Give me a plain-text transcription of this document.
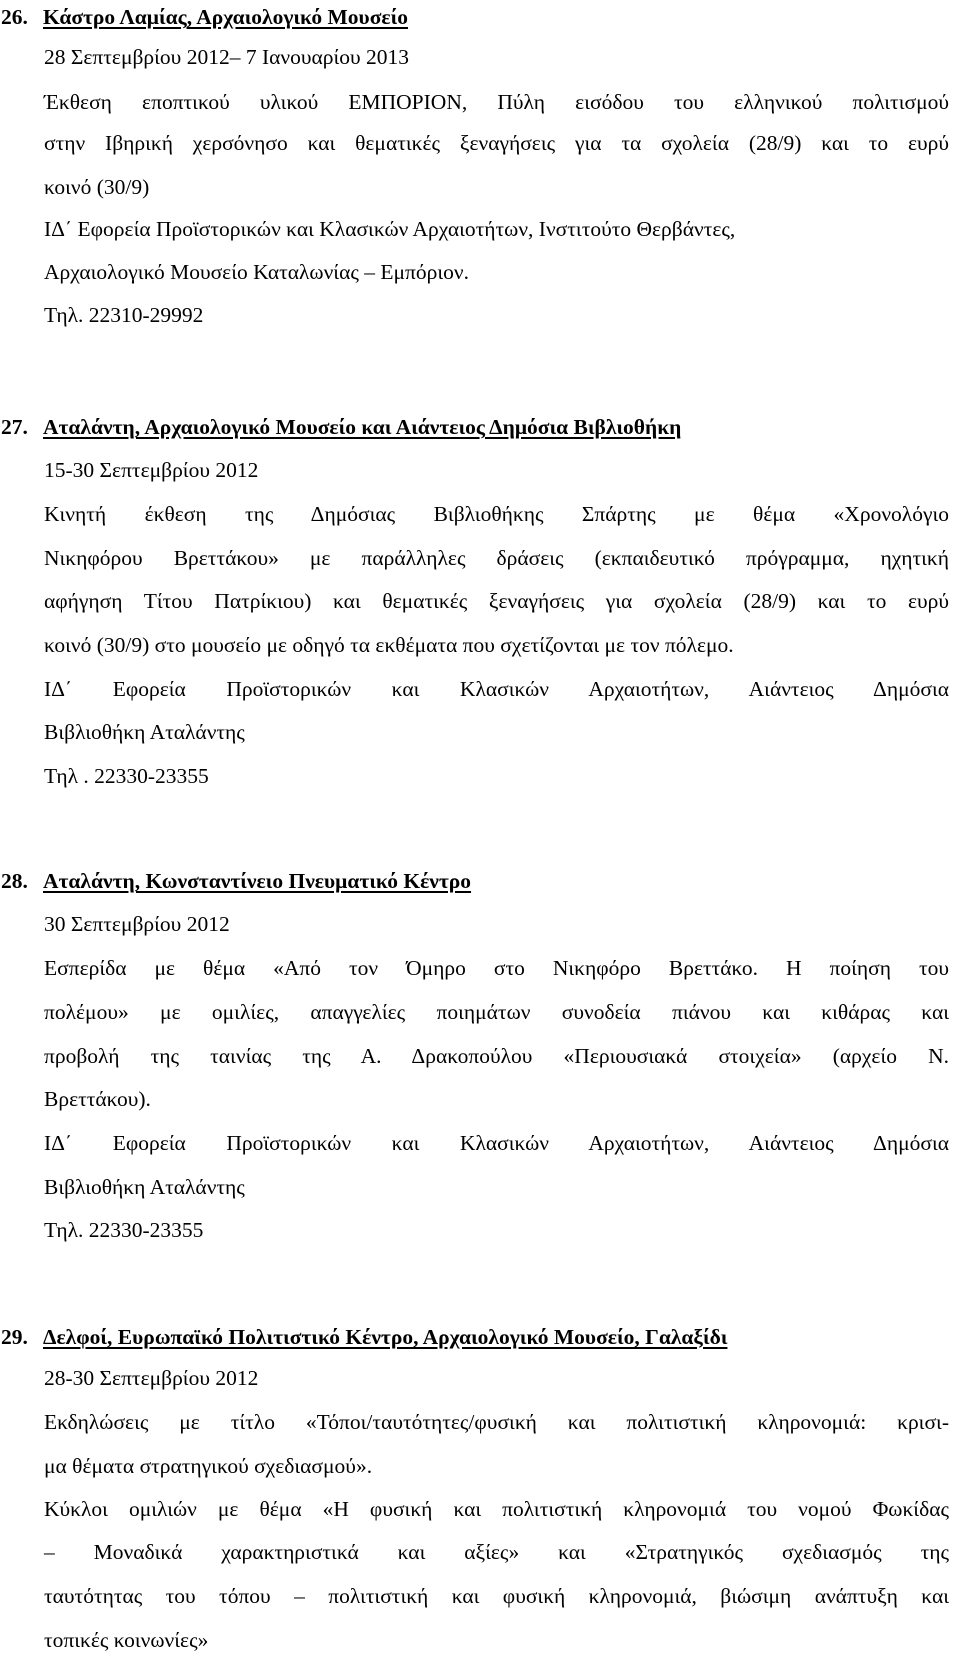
26. Κάστρο Λαμίας, Αρχαιολογικό Μουσείο
28 Σεπτεμβρίου 2012– 7 Ιανουαρίου 2013
Έκθεση εποπτικού υλικού ΕΜΠΟΡΙΟΝ, Πύλη εισόδου του ελληνικού πολιτισμού
στην Ιβηρική χερσόνησο και θεματικές ξεναγήσεις για τα σχολεία (28/9) και το ευρύ
κοινό (30/9)
ΙΔ΄ Εφορεία Προϊστορικών και Κλασικών Αρχαιοτήτων, Ινστιτούτο Θερβάντες,
Αρχαιολογικό Μουσείο Καταλωνίας – Εμπόριον.
Τηλ. 22310-29992
27. Αταλάντη, Αρχαιολογικό Μουσείο και Αιάντειος Δημόσια Βιβλιοθήκη
15-30 Σεπτεμβρίου 2012
Κινητή έκθεση της Δημόσιας Βιβλιοθήκης Σπάρτης με θέμα «Χρονολόγιο
Νικηφόρου Βρεττάκου» με παράλληλες δράσεις (εκπαιδευτικό πρόγραμμα, ηχητική
αφήγηση Τίτου Πατρίκιου) και θεματικές ξεναγήσεις για σχολεία (28/9) και το ευρύ
κοινό (30/9) στο μουσείο με οδηγό τα εκθέματα που σχετίζονται με τον πόλεμο.
ΙΔ΄ Εφορεία Προϊστορικών και Κλασικών Αρχαιοτήτων, Αιάντειος Δημόσια
Βιβλιοθήκη Αταλάντης
Τηλ . 22330-23355
28. Αταλάντη, Κωνσταντίνειο Πνευματικό Κέντρο
30 Σεπτεμβρίου 2012
Εσπερίδα με θέμα «Από τον Όμηρο στο Νικηφόρο Βρεττάκο. Η ποίηση του
πολέμου» με ομιλίες, απαγγελίες ποιημάτων συνοδεία πιάνου και κιθάρας και
προβολή της ταινίας της Α. Δρακοπούλου «Περιουσιακά στοιχεία» (αρχείο Ν.
Βρεττάκου).
ΙΔ΄ Εφορεία Προϊστορικών και Κλασικών Αρχαιοτήτων, Αιάντειος Δημόσια
Βιβλιοθήκη Αταλάντης
Τηλ. 22330-23355
29. Δελφοί, Ευρωπαϊκό Πολιτιστικό Κέντρο, Αρχαιολογικό Μουσείο, Γαλαξίδι
28-30 Σεπτεμβρίου 2012
Εκδηλώσεις με τίτλο «Τόποι/ταυτότητες/φυσική και πολιτιστική κληρονομιά: κρισι-
μα θέματα στρατηγικού σχεδιασμού».
Κύκλοι ομιλιών με θέμα «Η φυσική και πολιτιστική κληρονομιά του νομού Φωκίδας
– Μοναδικά χαρακτηριστικά και αξίες» και «Στρατηγικός σχεδιασμός της
ταυτότητας του τόπου – πολιτιστική και φυσική κληρονομιά, βιώσιμη ανάπτυξη και
τοπικές κοινωνίες»
